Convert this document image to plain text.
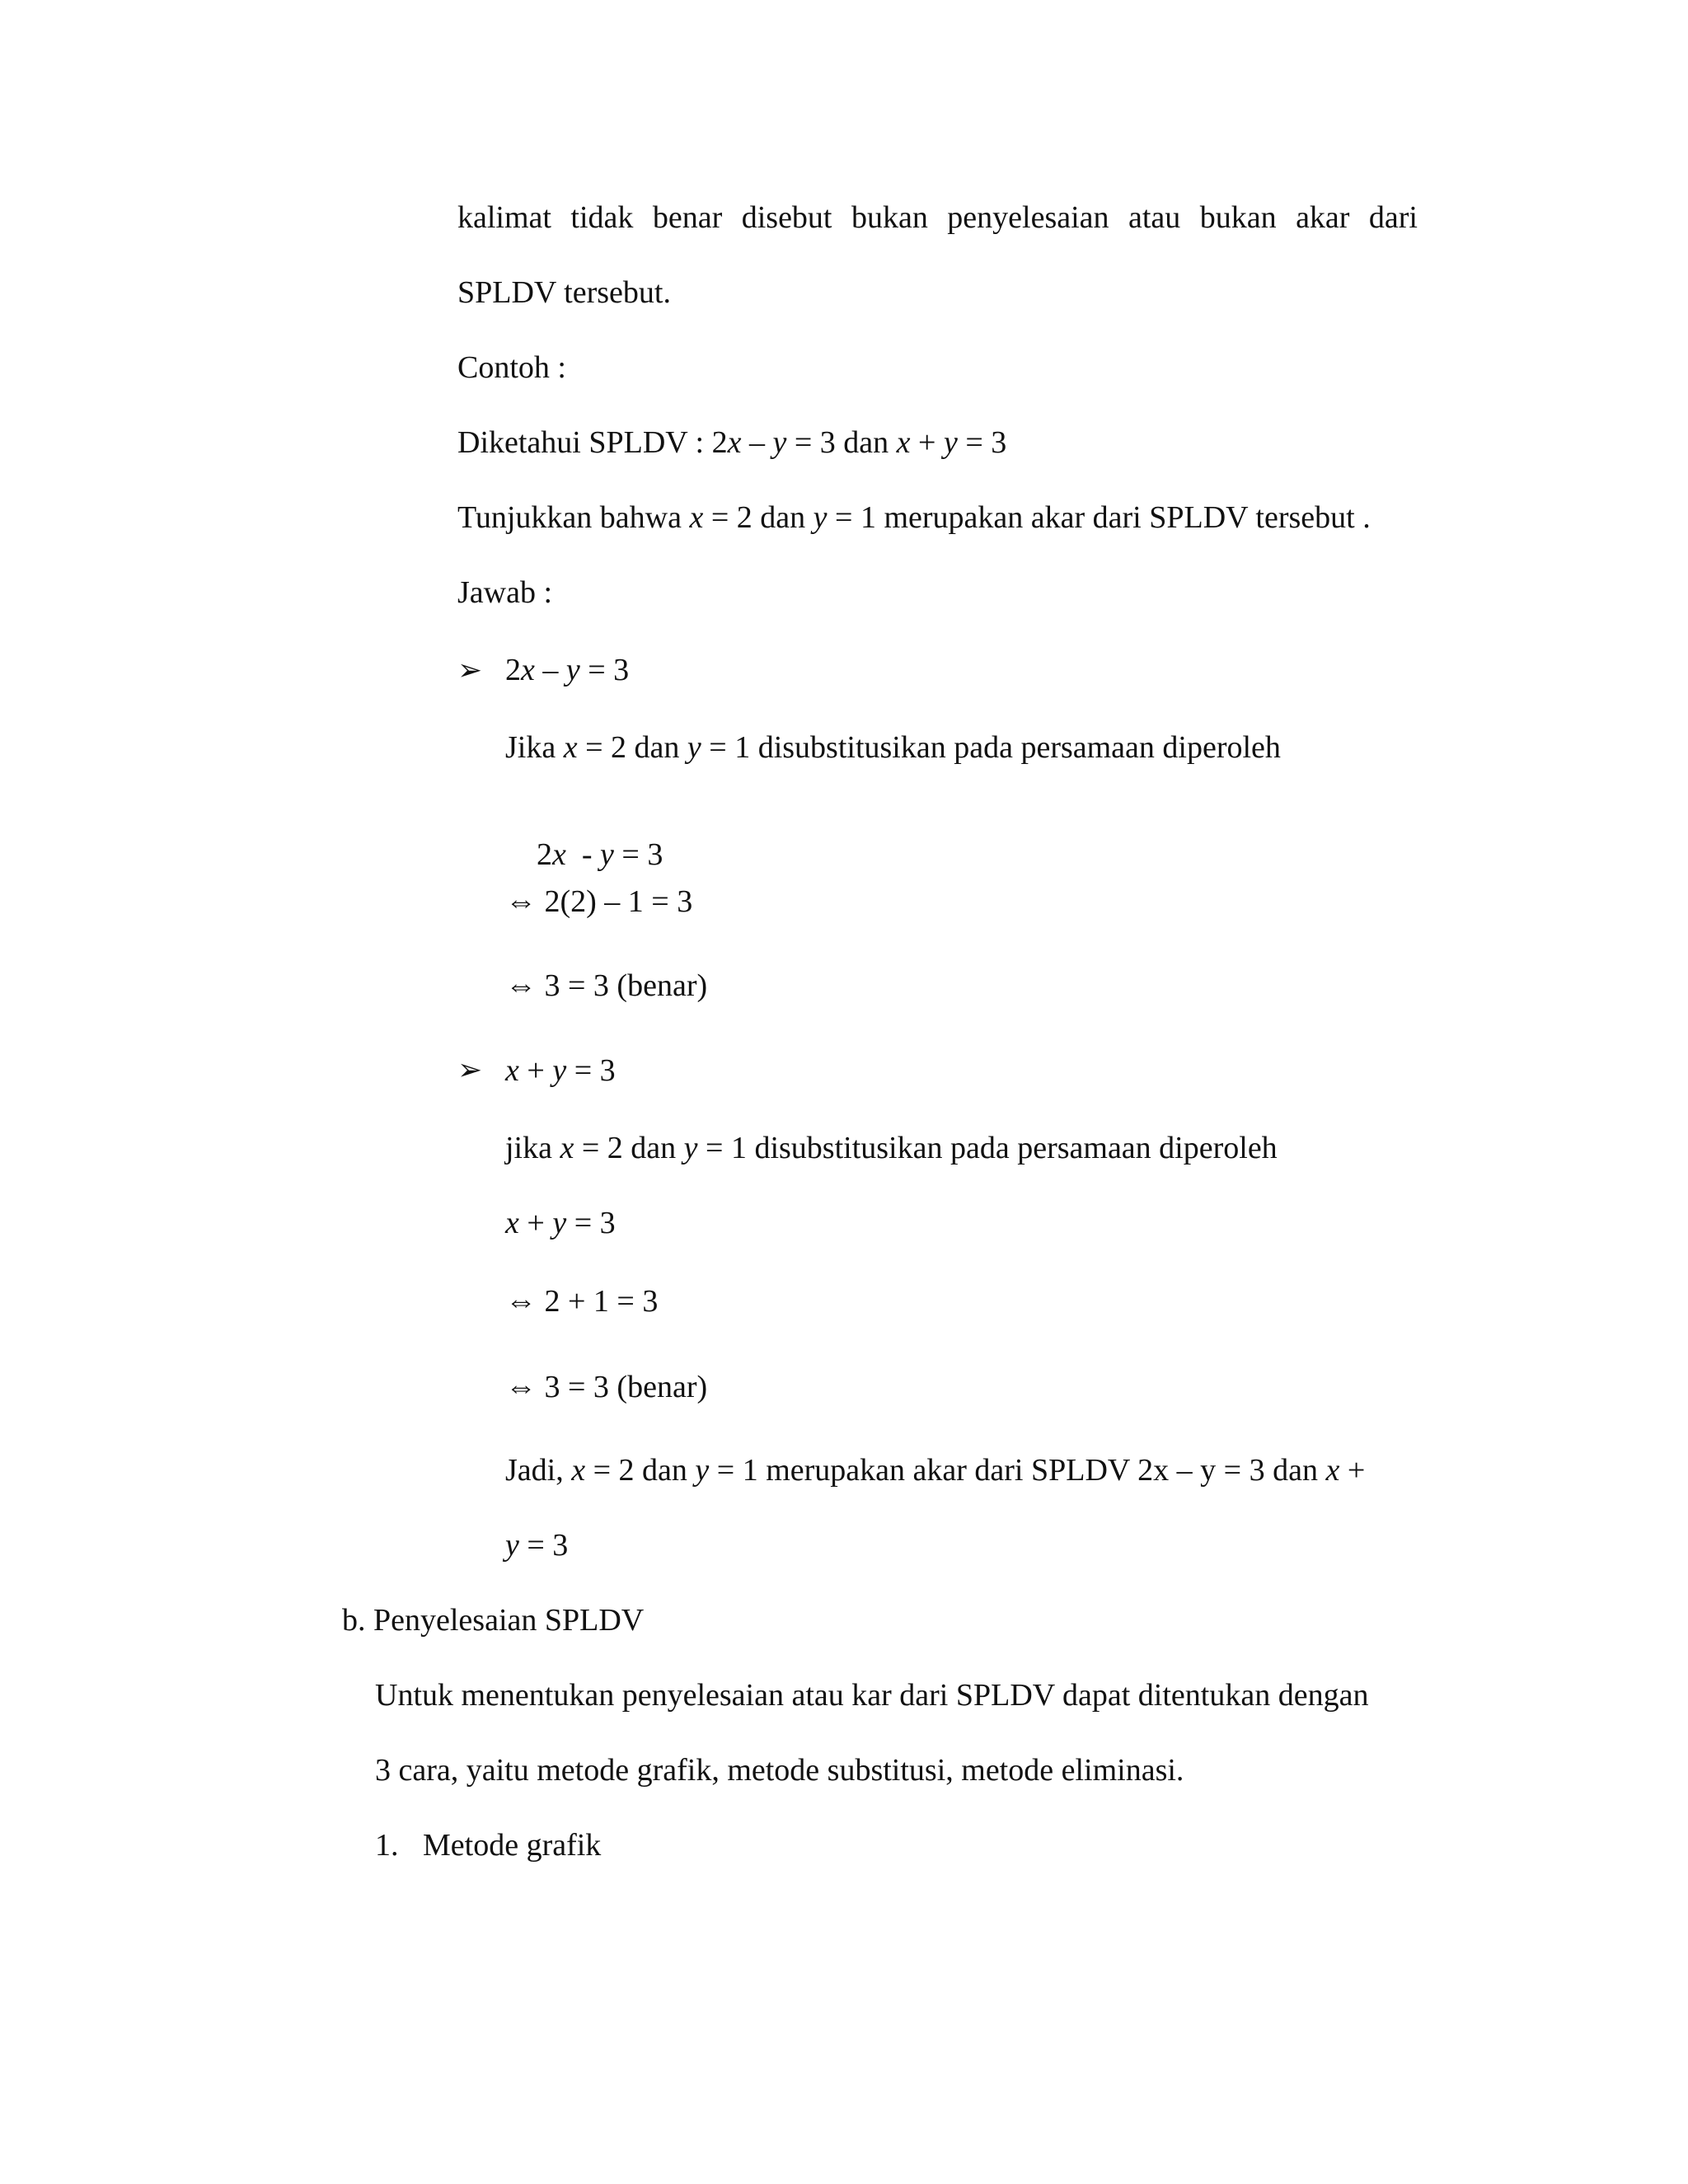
kalimat tidak benar disebut bukan penyelesaian atau bukan akar dari
SPLDV tersebut.
Contoh :
Diketahui SPLDV : 2x – y = 3 dan x + y = 3
Tunjukkan bahwa x = 2 dan y = 1 merupakan akar dari SPLDV tersebut .
Jawab :
➢ 2x – y = 3
Jika x = 2 dan y = 1 disubstitusikan pada persamaan diperoleh

2x  - y = 3

⇔ 2(2) – 1 = 3
⇔ 3 = 3 (benar)
➢ x + y = 3
jika x = 2 dan y = 1 disubstitusikan pada persamaan diperoleh
x + y = 3
⇔ 2 + 1 = 3
⇔ 3 = 3 (benar)
Jadi, x = 2 dan y = 1 merupakan akar dari SPLDV 2x – y = 3 dan x +
y = 3
b. Penyelesaian SPLDV
Untuk menentukan penyelesaian atau kar dari SPLDV dapat ditentukan dengan
3 cara, yaitu metode grafik, metode substitusi, metode eliminasi.
1. Metode grafik
